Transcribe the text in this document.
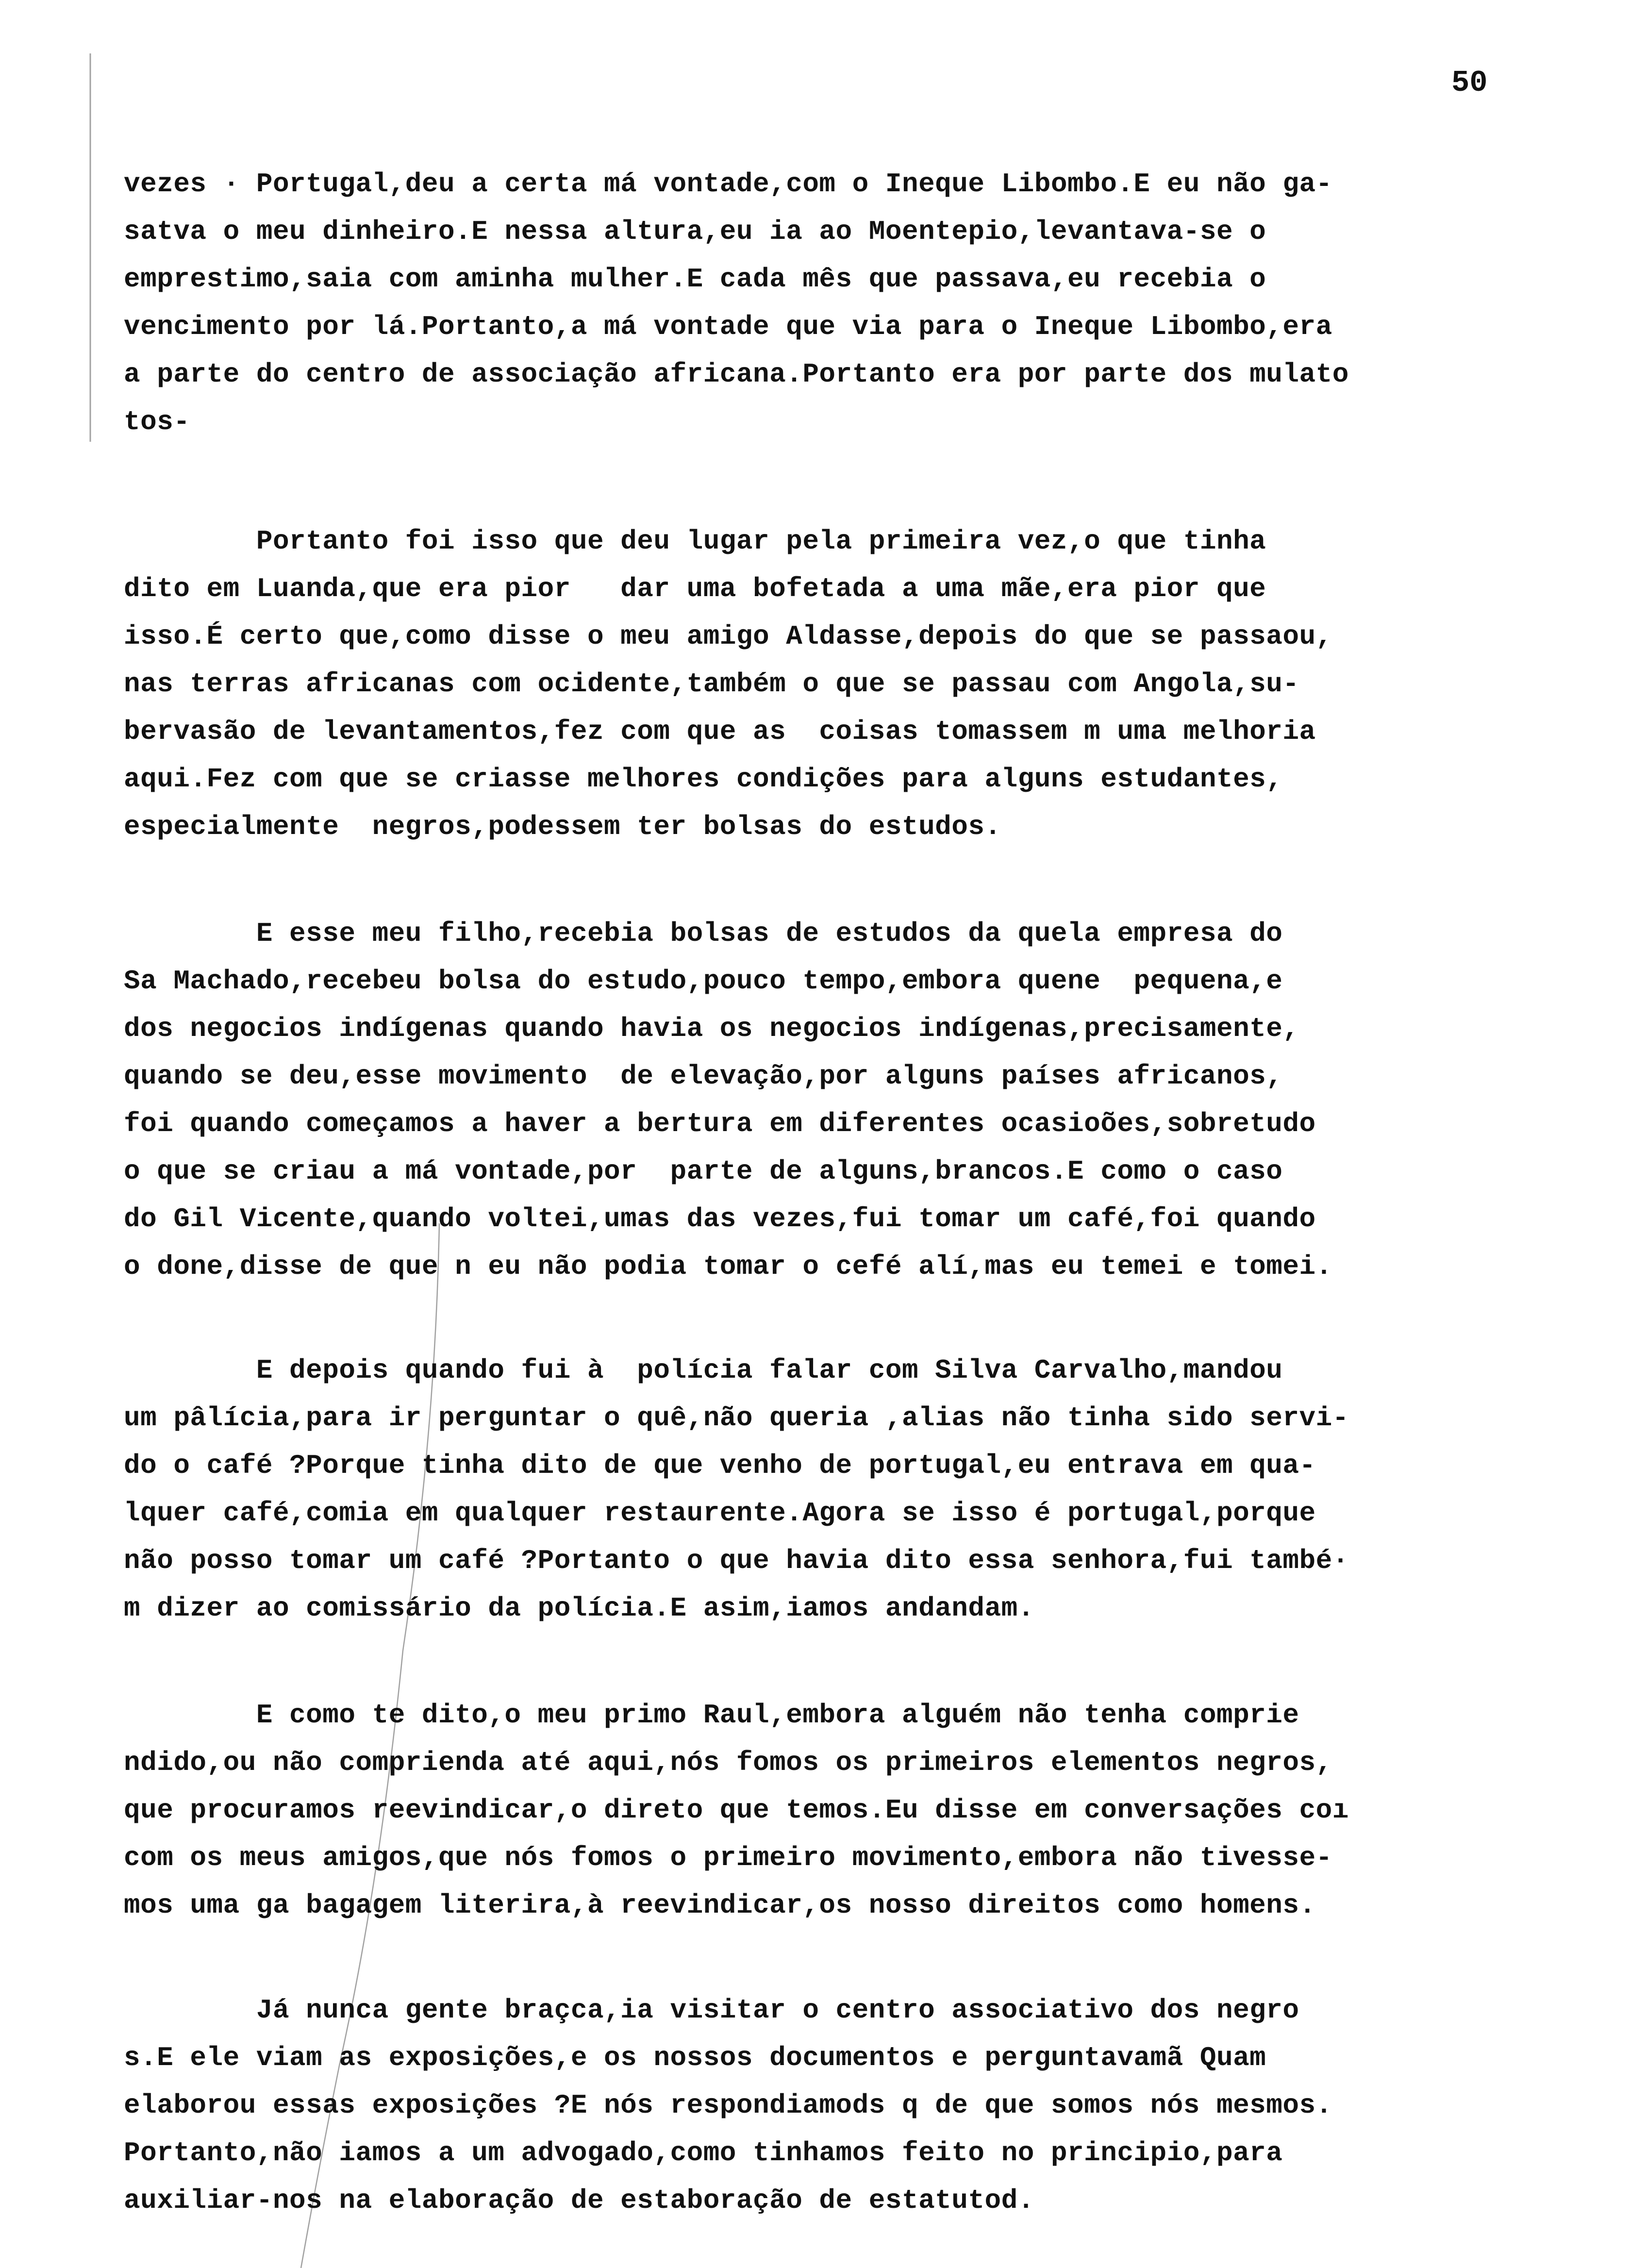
50
vezes · Portugal,deu a certa má vontade,com o Ineque Libombo.E eu não ga-
satva o meu dinheiro.E nessa altura,eu ia ao Moentepio,levantava-se o
emprestimo,saia com aminha mulher.E cada mês que passava,eu recebia o
vencimento por lá.Portanto,a má vontade que via para o Ineque Libombo,era
a parte do centro de associação africana.Portanto era por parte dos mulato
tos-
Portanto foi isso que deu lugar pela primeira vez,o que tinha
dito em Luanda,que era pior   dar uma bofetada a uma mãe,era pior que
isso.É certo que,como disse o meu amigo Aldasse,depois do que se passaou,
nas terras africanas com ocidente,também o que se passau com Angola,su-
bervasão de levantamentos,fez com que as  coisas tomassem m uma melhoria
aqui.Fez com que se criasse melhores condições para alguns estudantes,
especialmente  negros,podessem ter bolsas do estudos.
E esse meu filho,recebia bolsas de estudos da quela empresa do
Sa Machado,recebeu bolsa do estudo,pouco tempo,embora quene  pequena,e
dos negocios indígenas quando havia os negocios indígenas,precisamente,
quando se deu,esse movimento  de elevação,por alguns países africanos,
foi quando começamos a haver a bertura em diferentes ocasioões,sobretudo
o que se criau a má vontade,por  parte de alguns,brancos.E como o caso
do Gil Vicente,quando voltei,umas das vezes,fui tomar um café,foi quando
o done,disse de que n eu não podia tomar o cefé alí,mas eu temei e tomei.
E depois quando fui à  polícia falar com Silva Carvalho,mandou
um pâlícia,para ir perguntar o quê,não queria ,alias não tinha sido servi-
do o café ?Porque tinha dito de que venho de portugal,eu entrava em qua-
lquer café,comia em qualquer restaurente.Agora se isso é portugal,porque
não posso tomar um café ?Portanto o que havia dito essa senhora,fui també·
m dizer ao comissário da polícia.E asim,iamos andandam.
E como te dito,o meu primo Raul,embora alguém não tenha comprie
ndido,ou não comprienda até aqui,nós fomos os primeiros elementos negros,
que procuramos reevindicar,o direto que temos.Eu disse em conversações coı
com os meus amigos,que nós fomos o primeiro movimento,embora não tivesse-
mos uma ga bagagem literira,à reevindicar,os nosso direitos como homens.
Já nunca gente braçca,ia visitar o centro associativo dos negro
s.E ele viam as exposições,e os nossos documentos e perguntavamã Quam
elaborou essas exposições ?E nós respondiamods q de que somos nós mesmos.
Portanto,não iamos a um advogado,como tinhamos feito no principio,para
auxiliar-nos na elaboração de estaboração de estatutod.
